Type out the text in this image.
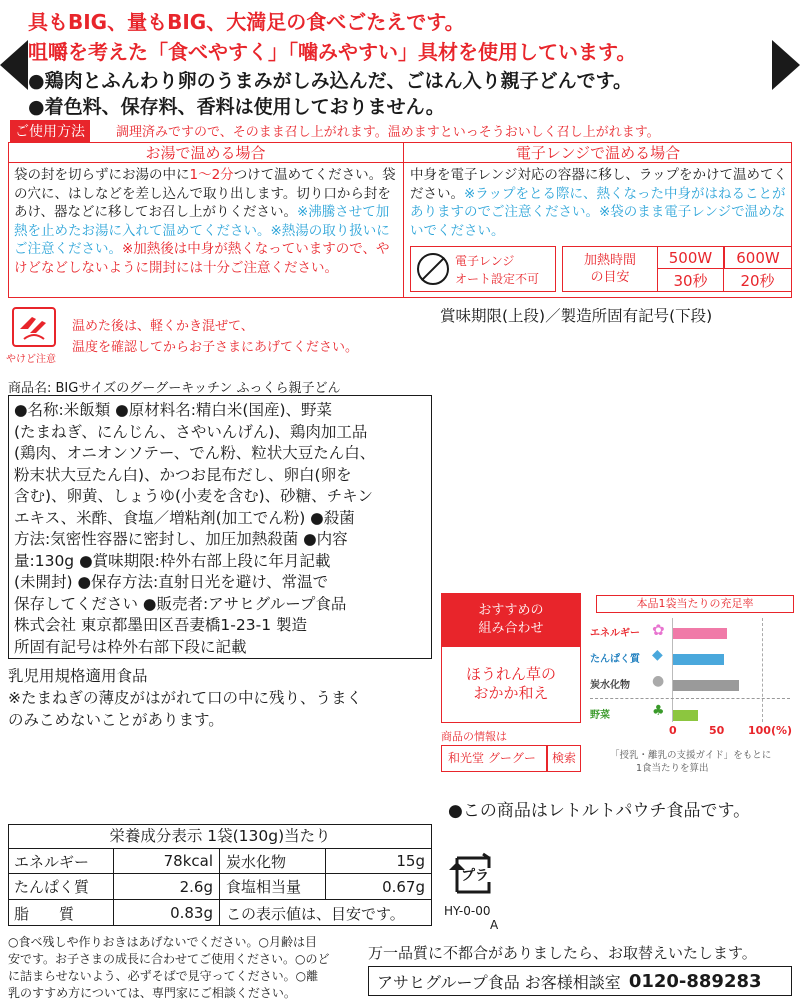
具もBIG、量もBIG、大満足の食べごたえです。
咀嚼を考えた「食べやすく」「噛みやすい」具材を使用しています。
●鶏肉とふんわり卵のうまみがしみ込んだ、ごはん入り親子どんです。
●着色料、保存料、香料は使用しておりません。
ご使用方法	調理済みですので、そのまま召し上がれます。温めますといっそうおいしく召し上がれます。
お湯で温める場合
袋の封を切らずにお湯の中に1〜2分つけて温めてください。袋の穴に、はしなどを差し込んで取り出します。切り口から封をあけ、器などに移してお召し上がりください。※沸騰させて加熱を止めたお湯に入れて温めてください。※熱湯の取り扱いにご注意ください。※加熱後は中身が熱くなっていますので、やけどなどしないように開封には十分ご注意ください。
電子レンジで温める場合
中身を電子レンジ対応の容器に移し、ラップをかけて温めてください。※ラップをとる際に、熱くなった中身がはねることがありますのでご注意ください。※袋のまま電子レンジで温めないでください。
電子レンジ
オート設定不可
加熱時間
の目安
500W	600W
30秒	20秒
やけど注意
温めた後は、軽くかき混ぜて、
温度を確認してからお子さまにあげてください。
賞味期限(上段)／製造所固有記号(下段)
商品名: BIGサイズのグーグーキッチン ふっくら親子どん
●名称:米飯類 ●原材料名:精白米(国産)、野菜
(たまねぎ、にんじん、さやいんげん)、鶏肉加工品
(鶏肉、オニオンソテー、でん粉、粒状大豆たん白、
粉末状大豆たん白)、かつお昆布だし、卵白(卵を
含む)、卵黄、しょうゆ(小麦を含む)、砂糖、チキン
エキス、米酢、食塩／増粘剤(加工でん粉) ●殺菌
方法:気密性容器に密封し、加圧加熱殺菌 ●内容
量:130g ●賞味期限:枠外右部上段に年月記載
(未開封) ●保存方法:直射日光を避け、常温で
保存してください ●販売者:アサヒグループ食品
株式会社 東京都墨田区吾妻橋1-23-1 製造
所固有記号は枠外右部下段に記載
乳児用規格適用食品
※たまねぎの薄皮がはがれて口の中に残り、うまく
のみこめないことがあります。
おすすめの
組み合わせ
ほうれん草の
おかか和え
商品の情報は
和光堂 グーグー	検索
本品1袋当たりの充足率
エネルギー ✿
たんぱく質 ◆
炭水化物 ●
野菜	♣
0	50 100(%)
「授乳・離乳の支援ガイド」をもとに
1食当たりを算出
●この商品はレトルトパウチ食品です。
栄養成分表示 1袋(130g)当たり
エネルギー	78kcal 炭水化物	15g
たんぱく質	2.6g 食塩相当量	0.67g
脂　　質	0.83g この表示値は、目安です。
プラ
HY-0-00
A
○食べ残しや作りおきはあげないでください。○月齢は目
安です。お子さまの成長に合わせてご使用ください。○のど
に詰まらせないよう、必ずそばで見守ってください。○離
乳のすすめ方については、専門家にご相談ください。
万一品質に不都合がありましたら、お取替えいたします。
アサヒグループ食品 お客様相談室 0120-889283
